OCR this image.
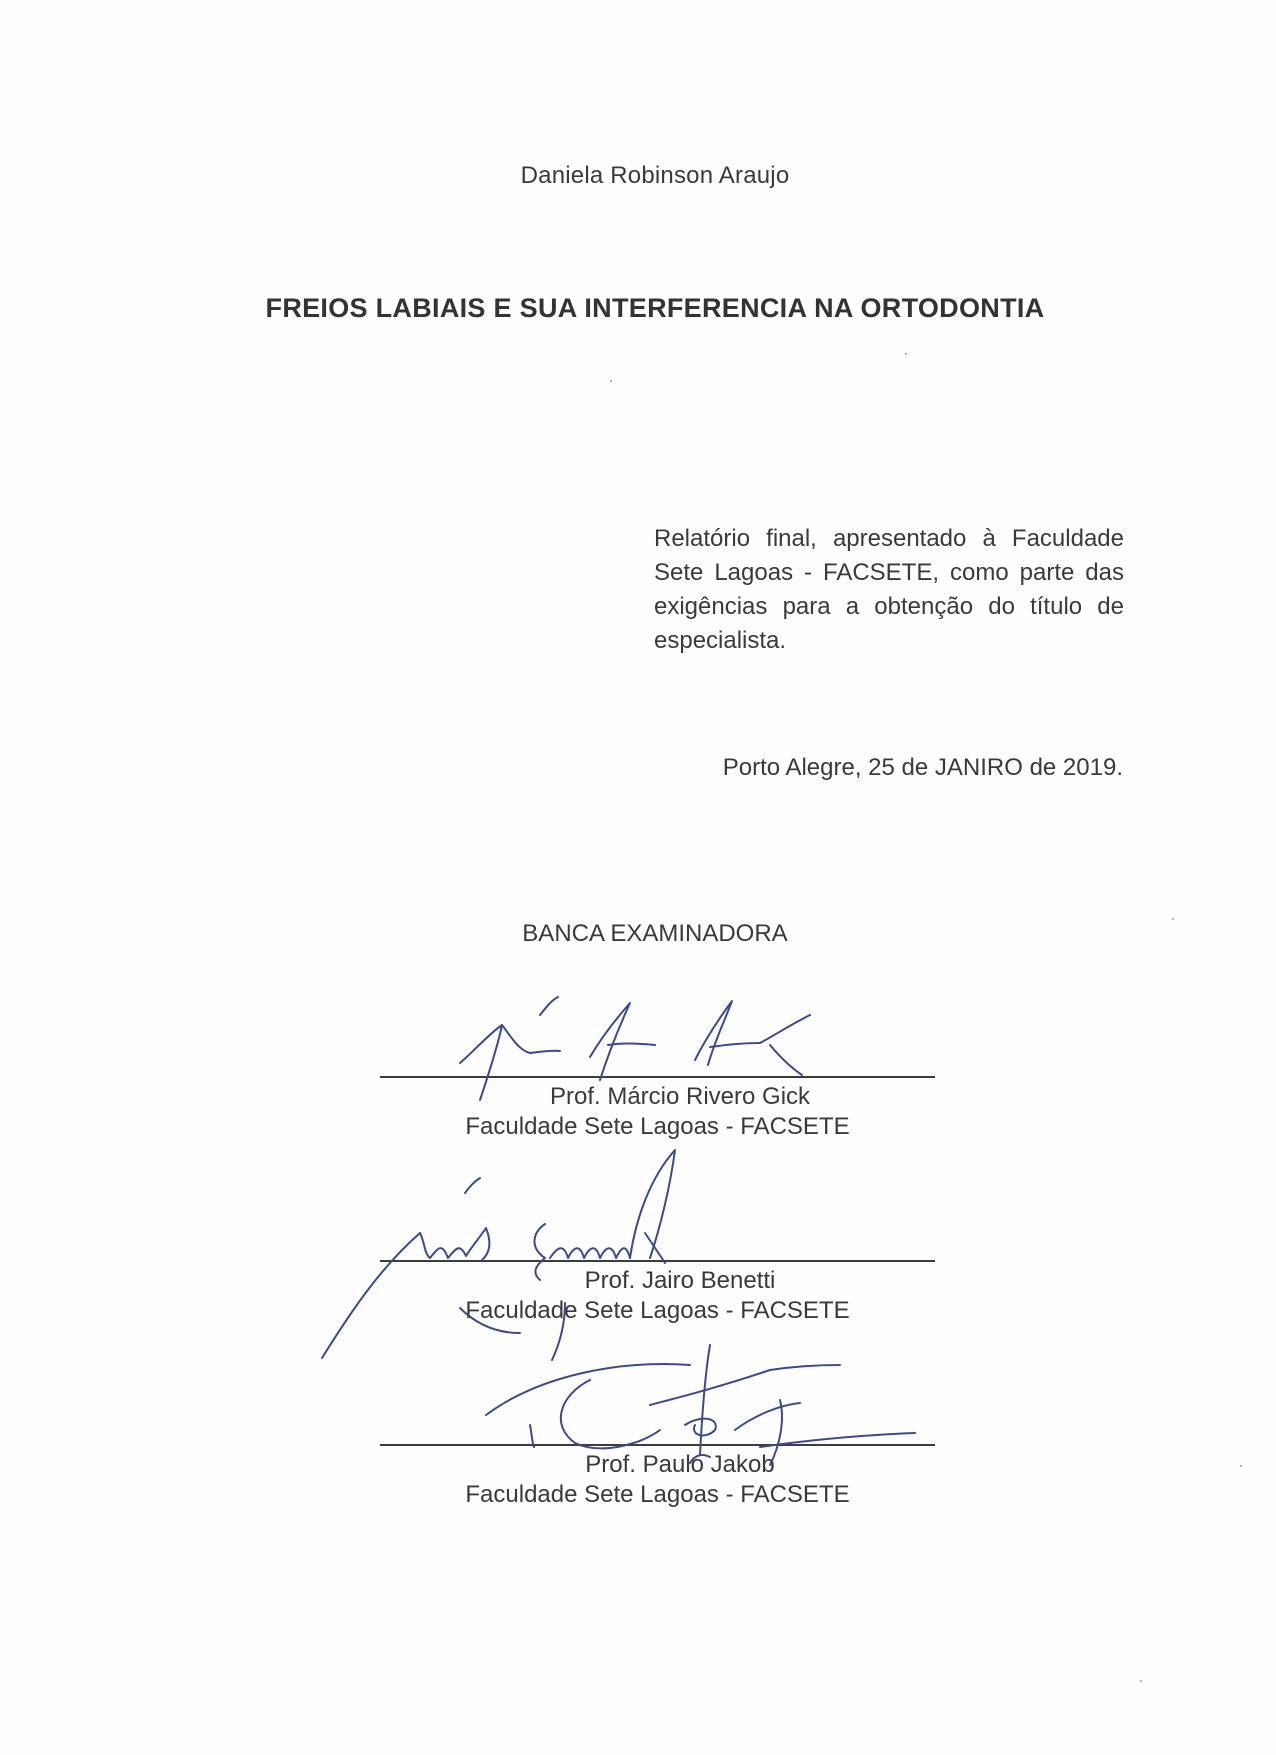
Daniela Robinson Araujo
FREIOS LABIAIS E SUA INTERFERENCIA NA ORTODONTIA
Relatório final, apresentado à Faculdade Sete Lagoas - FACSETE, como parte das exigências para a obtenção do título de especialista.
Porto Alegre, 25 de JANIRO de 2019.
BANCA EXAMINADORA
Prof. Márcio Rivero Gick
Faculdade Sete Lagoas - FACSETE
Prof. Jairo Benetti
Faculdade Sete Lagoas - FACSETE
Prof. Paulo Jakob
Faculdade Sete Lagoas - FACSETE
